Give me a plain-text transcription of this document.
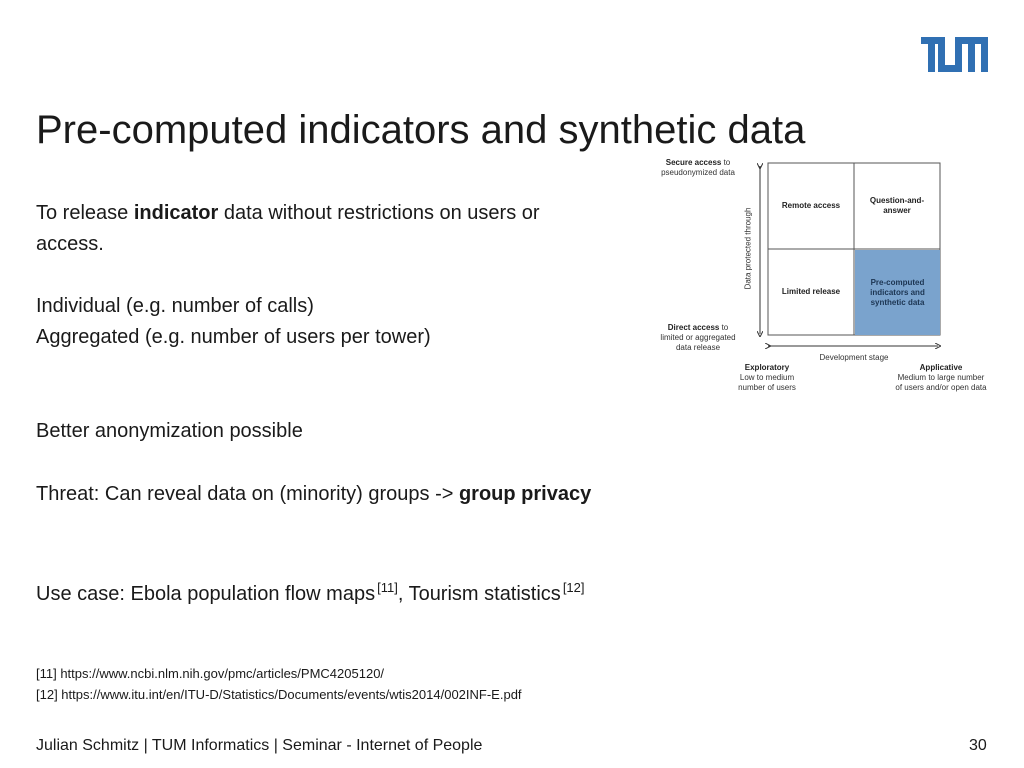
Pre-computed indicators and synthetic data
To release indicator data without restrictions on users or
access.
Individual (e.g. number of calls)
Aggregated (e.g. number of users per tower)
Better anonymization possible
Threat: Can reveal data on (minority) groups -> group privacy
Use case: Ebola population flow maps [11], Tourism statistics [12]
[11] https://www.ncbi.nlm.nih.gov/pmc/articles/PMC4205120/
[12] https://www.itu.int/en/ITU-D/Statistics/Documents/events/wtis2014/002INF-E.pdf
Secure access to
pseudonymized data
Direct access to
limited or aggregated
data release
Data protected through
Remote access
Question-and-answer
Limited release
Pre-computed indicators and synthetic data
Development stage
Exploratory
Low to medium
number of users
Applicative
Medium to large number
of users and/or open data
Julian Schmitz | TUM Informatics | Seminar - Internet of People	30
